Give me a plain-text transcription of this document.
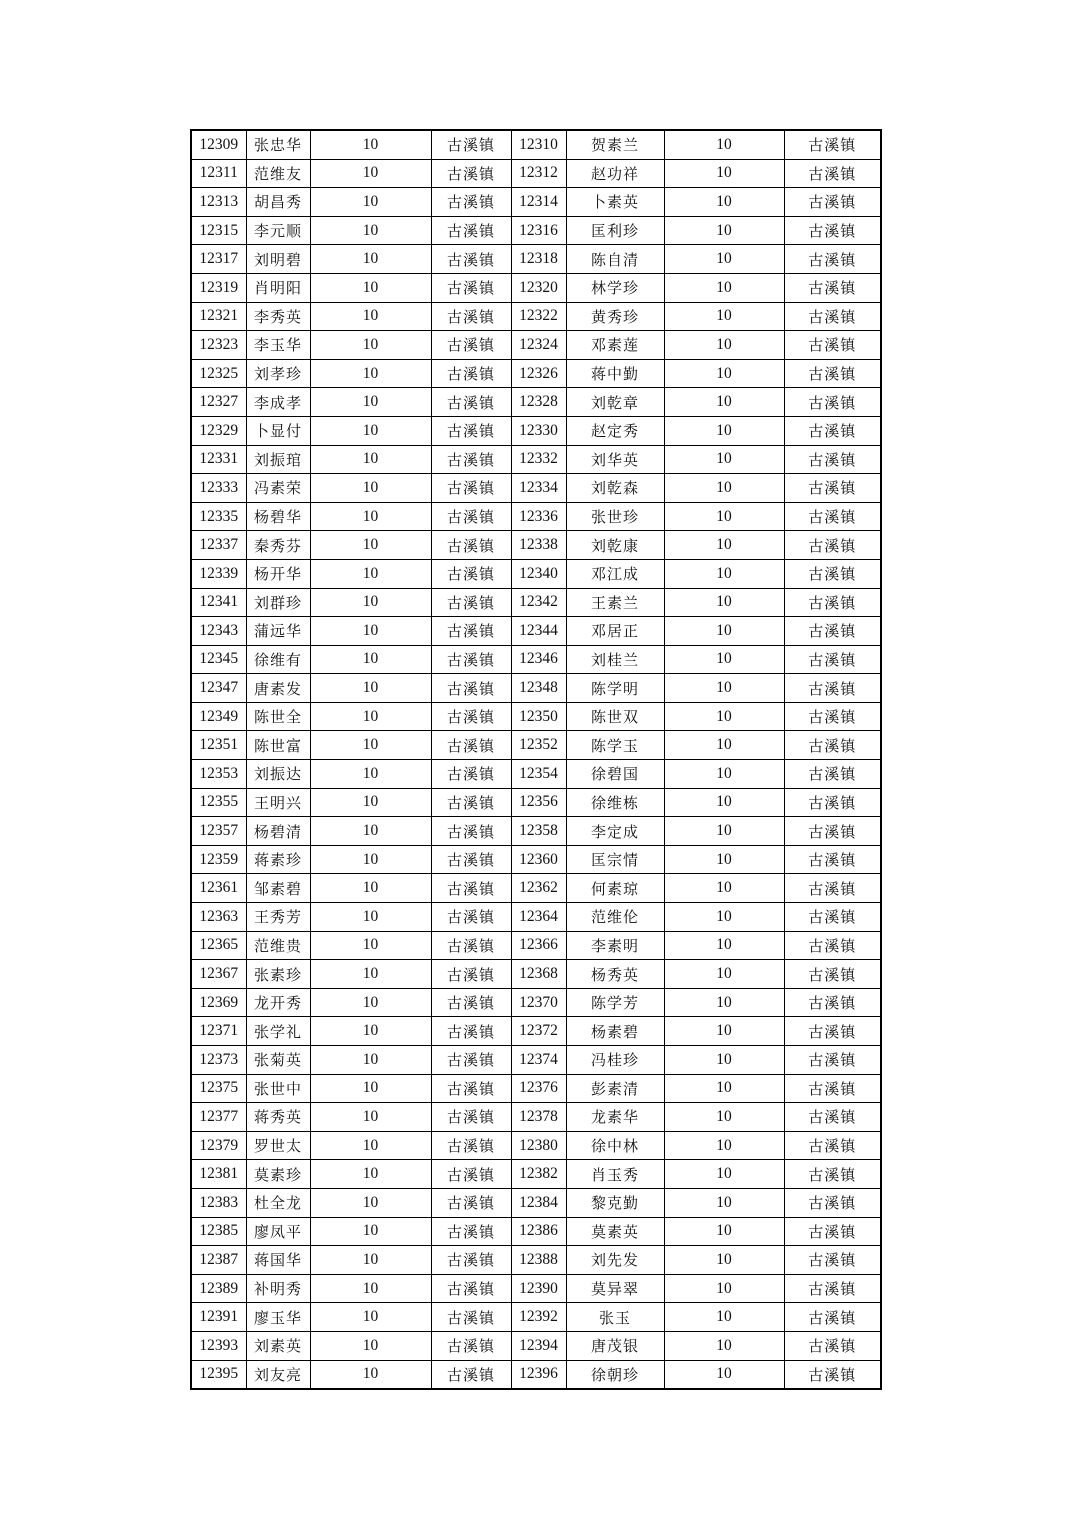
12309	张忠华	10	古溪镇	12310	贺素兰	10	古溪镇
12311	范维友	10	古溪镇	12312	赵功祥	10	古溪镇
12313	胡昌秀	10	古溪镇	12314	卜素英	10	古溪镇
12315	李元顺	10	古溪镇	12316	匡利珍	10	古溪镇
12317	刘明碧	10	古溪镇	12318	陈自清	10	古溪镇
12319	肖明阳	10	古溪镇	12320	林学珍	10	古溪镇
12321	李秀英	10	古溪镇	12322	黄秀珍	10	古溪镇
12323	李玉华	10	古溪镇	12324	邓素莲	10	古溪镇
12325	刘孝珍	10	古溪镇	12326	蒋中勤	10	古溪镇
12327	李成孝	10	古溪镇	12328	刘乾章	10	古溪镇
12329	卜显付	10	古溪镇	12330	赵定秀	10	古溪镇
12331	刘振琯	10	古溪镇	12332	刘华英	10	古溪镇
12333	冯素荣	10	古溪镇	12334	刘乾森	10	古溪镇
12335	杨碧华	10	古溪镇	12336	张世珍	10	古溪镇
12337	秦秀芬	10	古溪镇	12338	刘乾康	10	古溪镇
12339	杨开华	10	古溪镇	12340	邓江成	10	古溪镇
12341	刘群珍	10	古溪镇	12342	王素兰	10	古溪镇
12343	蒲远华	10	古溪镇	12344	邓居正	10	古溪镇
12345	徐维有	10	古溪镇	12346	刘桂兰	10	古溪镇
12347	唐素发	10	古溪镇	12348	陈学明	10	古溪镇
12349	陈世全	10	古溪镇	12350	陈世双	10	古溪镇
12351	陈世富	10	古溪镇	12352	陈学玉	10	古溪镇
12353	刘振达	10	古溪镇	12354	徐碧国	10	古溪镇
12355	王明兴	10	古溪镇	12356	徐维栋	10	古溪镇
12357	杨碧清	10	古溪镇	12358	李定成	10	古溪镇
12359	蒋素珍	10	古溪镇	12360	匡宗情	10	古溪镇
12361	邹素碧	10	古溪镇	12362	何素琼	10	古溪镇
12363	王秀芳	10	古溪镇	12364	范维伦	10	古溪镇
12365	范维贵	10	古溪镇	12366	李素明	10	古溪镇
12367	张素珍	10	古溪镇	12368	杨秀英	10	古溪镇
12369	龙开秀	10	古溪镇	12370	陈学芳	10	古溪镇
12371	张学礼	10	古溪镇	12372	杨素碧	10	古溪镇
12373	张菊英	10	古溪镇	12374	冯桂珍	10	古溪镇
12375	张世中	10	古溪镇	12376	彭素清	10	古溪镇
12377	蒋秀英	10	古溪镇	12378	龙素华	10	古溪镇
12379	罗世太	10	古溪镇	12380	徐中林	10	古溪镇
12381	莫素珍	10	古溪镇	12382	肖玉秀	10	古溪镇
12383	杜全龙	10	古溪镇	12384	黎克勤	10	古溪镇
12385	廖凤平	10	古溪镇	12386	莫素英	10	古溪镇
12387	蒋国华	10	古溪镇	12388	刘先发	10	古溪镇
12389	补明秀	10	古溪镇	12390	莫异翠	10	古溪镇
12391	廖玉华	10	古溪镇	12392	张玉	10	古溪镇
12393	刘素英	10	古溪镇	12394	唐茂银	10	古溪镇
12395	刘友亮	10	古溪镇	12396	徐朝珍	10	古溪镇
